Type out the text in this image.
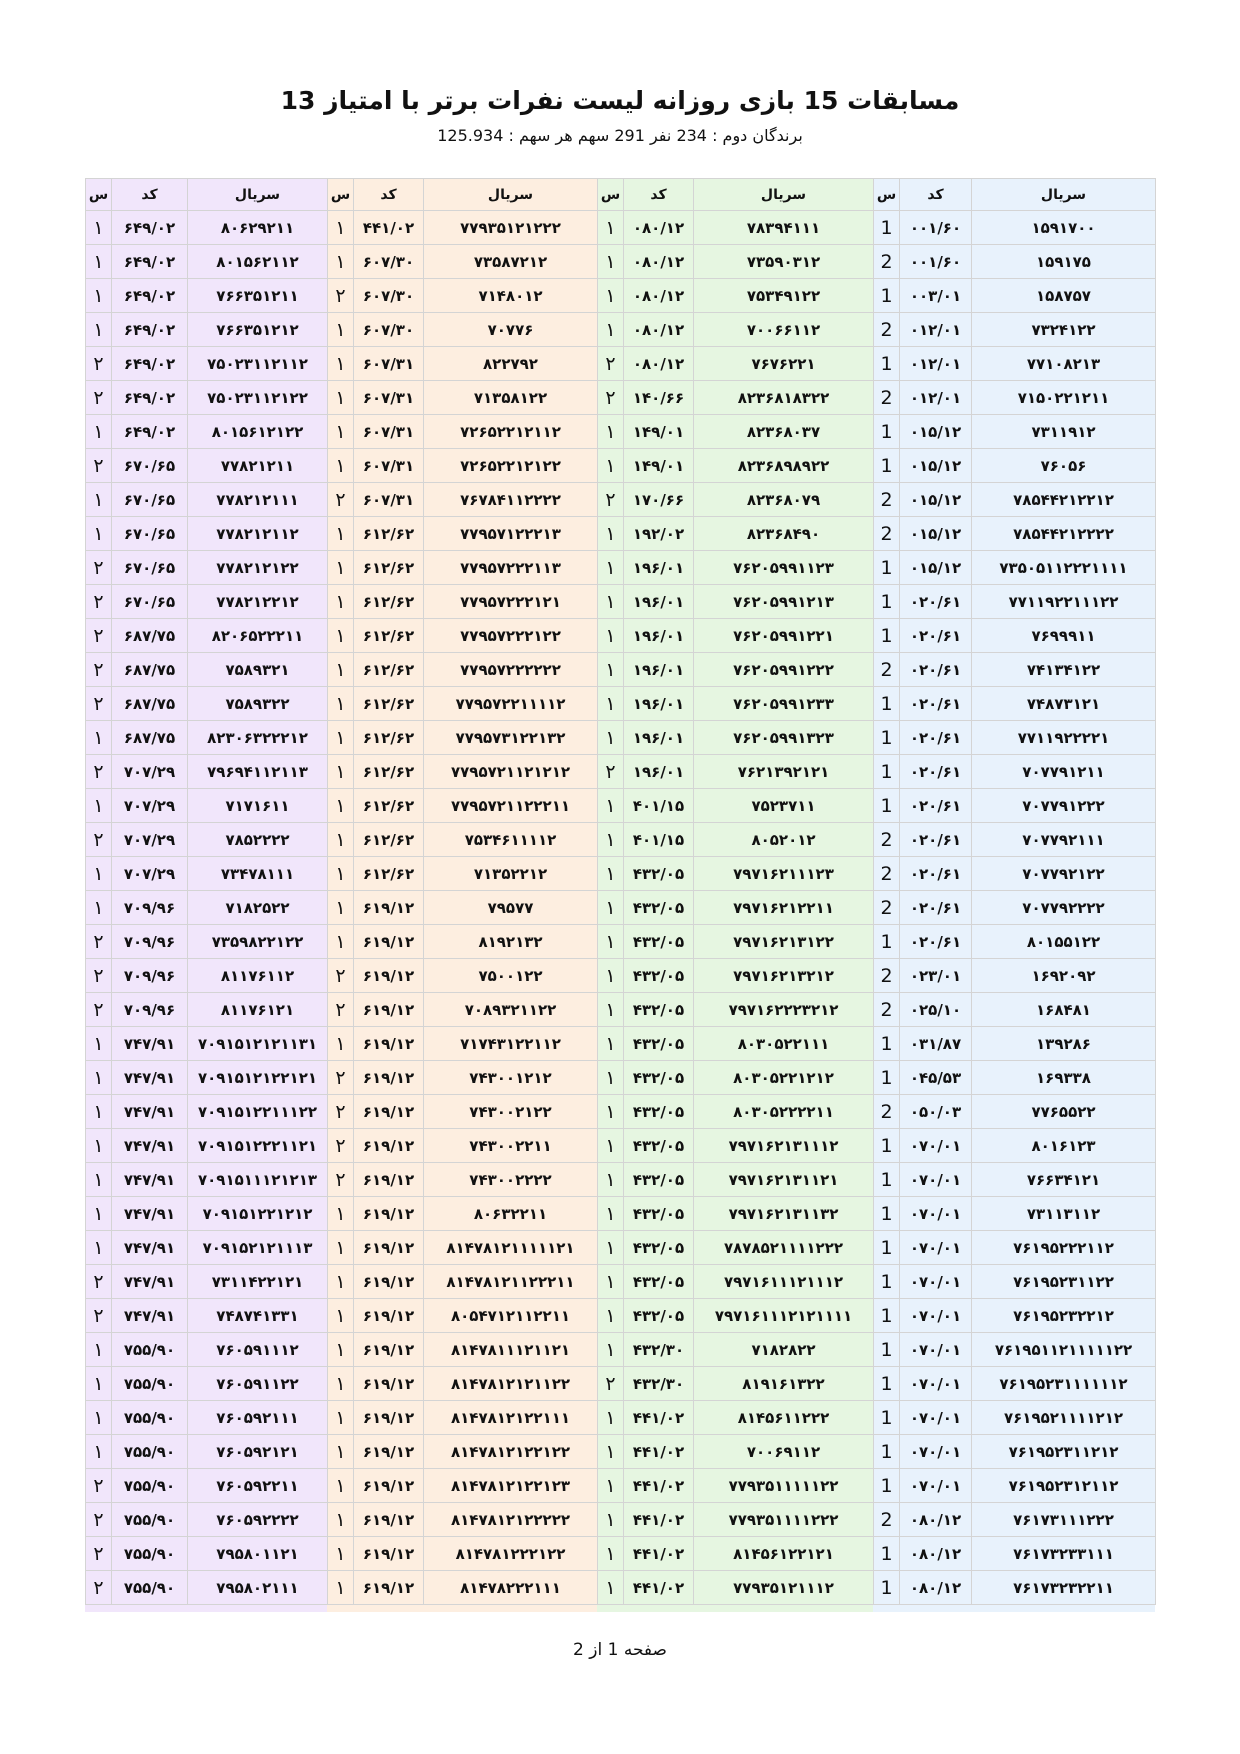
مسابقات 15 بازی روزانه لیست نفرات برتر با امتیاز 13
برندگان دوم : 234 نفر 291 سهم هر سهم : 125.934
س	کد	سریال
۱	۶۴۹/۰۲	۸۰۶۲۹۲۱۱
۱	۶۴۹/۰۲	۸۰۱۵۶۲۱۱۲
۱	۶۴۹/۰۲	۷۶۶۳۵۱۲۱۱
۱	۶۴۹/۰۲	۷۶۶۳۵۱۲۱۲
۲	۶۴۹/۰۲	۷۵۰۲۳۱۱۲۱۱۲
۲	۶۴۹/۰۲	۷۵۰۲۳۱۱۲۱۲۲
۱	۶۴۹/۰۲	۸۰۱۵۶۱۲۱۲۲
۲	۶۷۰/۶۵	۷۷۸۲۱۲۱۱
۱	۶۷۰/۶۵	۷۷۸۲۱۲۱۱۱
۱	۶۷۰/۶۵	۷۷۸۲۱۲۱۱۲
۲	۶۷۰/۶۵	۷۷۸۲۱۲۱۲۲
۲	۶۷۰/۶۵	۷۷۸۲۱۲۲۱۲
۲	۶۸۷/۷۵	۸۲۰۶۵۲۲۲۱۱
۲	۶۸۷/۷۵	۷۵۸۹۳۲۱
۲	۶۸۷/۷۵	۷۵۸۹۳۲۲
۱	۶۸۷/۷۵	۸۲۳۰۶۳۲۲۲۱۲
۲	۷۰۷/۲۹	۷۹۶۹۴۱۱۲۱۱۳
۱	۷۰۷/۲۹	۷۱۷۱۶۱۱
۲	۷۰۷/۲۹	۷۸۵۲۲۲۲
۱	۷۰۷/۲۹	۷۳۴۷۸۱۱۱
۱	۷۰۹/۹۶	۷۱۸۲۵۲۲
۲	۷۰۹/۹۶	۷۳۵۹۸۲۲۱۲۲
۲	۷۰۹/۹۶	۸۱۱۷۶۱۱۲
۲	۷۰۹/۹۶	۸۱۱۷۶۱۲۱
۱	۷۴۷/۹۱	۷۰۹۱۵۱۲۱۲۱۱۳۱
۱	۷۴۷/۹۱	۷۰۹۱۵۱۲۱۲۲۱۲۱
۱	۷۴۷/۹۱	۷۰۹۱۵۱۲۲۱۱۱۲۲
۱	۷۴۷/۹۱	۷۰۹۱۵۱۲۲۲۱۱۲۱
۱	۷۴۷/۹۱	۷۰۹۱۵۱۱۱۲۱۲۱۳
۱	۷۴۷/۹۱	۷۰۹۱۵۱۲۲۱۲۱۲
۱	۷۴۷/۹۱	۷۰۹۱۵۲۱۲۱۱۱۳
۲	۷۴۷/۹۱	۷۳۱۱۴۲۲۱۲۱
۲	۷۴۷/۹۱	۷۴۸۷۴۱۳۳۱
۱	۷۵۵/۹۰	۷۶۰۵۹۱۱۱۲
۱	۷۵۵/۹۰	۷۶۰۵۹۱۱۲۲
۱	۷۵۵/۹۰	۷۶۰۵۹۲۱۱۱
۱	۷۵۵/۹۰	۷۶۰۵۹۲۱۲۱
۲	۷۵۵/۹۰	۷۶۰۵۹۲۲۱۱
۲	۷۵۵/۹۰	۷۶۰۵۹۲۲۲۲
۲	۷۵۵/۹۰	۷۹۵۸۰۱۱۲۱
۲	۷۵۵/۹۰	۷۹۵۸۰۲۱۱۱
س	کد	سریال
۱	۴۴۱/۰۲	۷۷۹۳۵۱۲۱۲۲۲
۱	۶۰۷/۳۰	۷۳۵۸۷۲۱۲
۲	۶۰۷/۳۰	۷۱۴۸۰۱۲
۱	۶۰۷/۳۰	۷۰۷۷۶
۱	۶۰۷/۳۱	۸۲۲۷۹۲
۱	۶۰۷/۳۱	۷۱۳۵۸۱۲۲
۱	۶۰۷/۳۱	۷۲۶۵۲۲۱۲۱۱۲
۱	۶۰۷/۳۱	۷۲۶۵۲۲۱۲۱۲۲
۲	۶۰۷/۳۱	۷۶۷۸۴۱۱۲۲۲۲
۱	۶۱۲/۶۲	۷۷۹۵۷۱۲۲۲۱۳
۱	۶۱۲/۶۲	۷۷۹۵۷۲۲۲۱۱۳
۱	۶۱۲/۶۲	۷۷۹۵۷۲۲۲۱۲۱
۱	۶۱۲/۶۲	۷۷۹۵۷۲۲۲۱۲۲
۱	۶۱۲/۶۲	۷۷۹۵۷۲۲۲۲۲۲
۱	۶۱۲/۶۲	۷۷۹۵۷۲۲۱۱۱۱۲
۱	۶۱۲/۶۲	۷۷۹۵۷۳۱۲۲۱۳۲
۱	۶۱۲/۶۲	۷۷۹۵۷۲۱۱۲۱۲۱۲
۱	۶۱۲/۶۲	۷۷۹۵۷۲۱۱۲۲۲۱۱
۱	۶۱۲/۶۲	۷۵۳۴۶۱۱۱۱۲
۱	۶۱۲/۶۲	۷۱۳۵۲۲۱۲
۱	۶۱۹/۱۲	۷۹۵۷۷
۱	۶۱۹/۱۲	۸۱۹۲۱۳۲
۲	۶۱۹/۱۲	۷۵۰۰۱۲۲
۲	۶۱۹/۱۲	۷۰۸۹۳۲۱۱۲۲
۱	۶۱۹/۱۲	۷۱۷۴۳۱۲۲۱۱۲
۲	۶۱۹/۱۲	۷۴۳۰۰۱۲۱۲
۲	۶۱۹/۱۲	۷۴۳۰۰۲۱۲۲
۲	۶۱۹/۱۲	۷۴۳۰۰۲۲۱۱
۲	۶۱۹/۱۲	۷۴۳۰۰۲۲۲۲
۱	۶۱۹/۱۲	۸۰۶۳۲۲۱۱
۱	۶۱۹/۱۲	۸۱۴۷۸۱۲۱۱۱۱۱۲۱
۱	۶۱۹/۱۲	۸۱۴۷۸۱۲۱۱۲۲۲۱۱
۱	۶۱۹/۱۲	۸۰۵۴۷۱۲۱۱۲۲۱۱
۱	۶۱۹/۱۲	۸۱۴۷۸۱۱۱۲۱۱۲۱
۱	۶۱۹/۱۲	۸۱۴۷۸۱۲۱۲۱۱۲۲
۱	۶۱۹/۱۲	۸۱۴۷۸۱۲۱۲۲۱۱۱
۱	۶۱۹/۱۲	۸۱۴۷۸۱۲۱۲۲۱۲۲
۱	۶۱۹/۱۲	۸۱۴۷۸۱۲۱۲۲۱۲۳
۱	۶۱۹/۱۲	۸۱۴۷۸۱۲۱۲۲۲۲۲
۱	۶۱۹/۱۲	۸۱۴۷۸۱۲۲۲۱۲۲
۱	۶۱۹/۱۲	۸۱۴۷۸۲۲۲۱۱۱
س	کد	سریال
۱	۰۸۰/۱۲	۷۸۳۹۴۱۱۱
۱	۰۸۰/۱۲	۷۳۵۹۰۳۱۲
۱	۰۸۰/۱۲	۷۵۳۴۹۱۲۲
۱	۰۸۰/۱۲	۷۰۰۶۶۱۱۲
۲	۰۸۰/۱۲	۷۶۷۶۲۲۱
۲	۱۴۰/۶۶	۸۲۳۶۸۱۸۳۲۲
۱	۱۴۹/۰۱	۸۲۳۶۸۰۳۷
۱	۱۴۹/۰۱	۸۲۳۶۸۹۸۹۲۲
۲	۱۷۰/۶۶	۸۲۳۶۸۰۷۹
۱	۱۹۲/۰۲	۸۲۳۶۸۴۹۰
۱	۱۹۶/۰۱	۷۶۲۰۵۹۹۱۱۲۳
۱	۱۹۶/۰۱	۷۶۲۰۵۹۹۱۲۱۳
۱	۱۹۶/۰۱	۷۶۲۰۵۹۹۱۲۲۱
۱	۱۹۶/۰۱	۷۶۲۰۵۹۹۱۲۲۲
۱	۱۹۶/۰۱	۷۶۲۰۵۹۹۱۲۳۳
۱	۱۹۶/۰۱	۷۶۲۰۵۹۹۱۳۲۳
۲	۱۹۶/۰۱	۷۶۲۱۳۹۲۱۲۱
۱	۴۰۱/۱۵	۷۵۲۳۷۱۱
۱	۴۰۱/۱۵	۸۰۵۲۰۱۲
۱	۴۳۲/۰۵	۷۹۷۱۶۲۱۱۱۲۳
۱	۴۳۲/۰۵	۷۹۷۱۶۲۱۲۲۱۱
۱	۴۳۲/۰۵	۷۹۷۱۶۲۱۳۱۲۲
۱	۴۳۲/۰۵	۷۹۷۱۶۲۱۳۲۱۲
۱	۴۳۲/۰۵	۷۹۷۱۶۲۲۲۳۲۱۲
۱	۴۳۲/۰۵	۸۰۳۰۵۲۲۱۱۱
۱	۴۳۲/۰۵	۸۰۳۰۵۲۲۱۲۱۲
۱	۴۳۲/۰۵	۸۰۳۰۵۲۲۲۲۱۱
۱	۴۳۲/۰۵	۷۹۷۱۶۲۱۳۱۱۱۲
۱	۴۳۲/۰۵	۷۹۷۱۶۲۱۳۱۱۲۱
۱	۴۳۲/۰۵	۷۹۷۱۶۲۱۳۱۱۳۲
۱	۴۳۲/۰۵	۷۸۷۸۵۲۱۱۱۱۲۲۲
۱	۴۳۲/۰۵	۷۹۷۱۶۱۱۱۲۱۱۱۲
۱	۴۳۲/۰۵	۷۹۷۱۶۱۱۱۲۱۲۱۱۱۱
۱	۴۳۲/۳۰	۷۱۸۲۸۲۲
۲	۴۳۲/۳۰	۸۱۹۱۶۱۳۲۲
۱	۴۴۱/۰۲	۸۱۴۵۶۱۱۲۲۲
۱	۴۴۱/۰۲	۷۰۰۶۹۱۱۲
۱	۴۴۱/۰۲	۷۷۹۳۵۱۱۱۱۱۲۲
۱	۴۴۱/۰۲	۷۷۹۳۵۱۱۱۱۲۲۲
۱	۴۴۱/۰۲	۸۱۴۵۶۱۲۲۱۲۱
۱	۴۴۱/۰۲	۷۷۹۳۵۱۲۱۱۱۲
س	کد	سریال
1	۰۰۱/۶۰	۱۵۹۱۷۰۰
2	۰۰۱/۶۰	۱۵۹۱۷۵
1	۰۰۳/۰۱	۱۵۸۷۵۷
2	۰۱۲/۰۱	۷۳۲۴۱۲۲
1	۰۱۲/۰۱	۷۷۱۰۸۲۱۳
2	۰۱۲/۰۱	۷۱۵۰۲۲۱۲۱۱
1	۰۱۵/۱۲	۷۳۱۱۹۱۲
1	۰۱۵/۱۲	۷۶۰۵۶
2	۰۱۵/۱۲	۷۸۵۴۴۲۱۲۲۱۲
2	۰۱۵/۱۲	۷۸۵۴۴۲۱۲۲۲۲
1	۰۱۵/۱۲	۷۳۵۰۵۱۱۲۲۲۱۱۱۱
1	۰۲۰/۶۱	۷۷۱۱۹۲۲۱۱۱۲۲
1	۰۲۰/۶۱	۷۶۹۹۹۱۱
2	۰۲۰/۶۱	۷۴۱۳۴۱۲۲
1	۰۲۰/۶۱	۷۴۸۷۳۱۲۱
1	۰۲۰/۶۱	۷۷۱۱۹۲۲۲۲۱
1	۰۲۰/۶۱	۷۰۷۷۹۱۲۱۱
1	۰۲۰/۶۱	۷۰۷۷۹۱۲۲۲
2	۰۲۰/۶۱	۷۰۷۷۹۲۱۱۱
2	۰۲۰/۶۱	۷۰۷۷۹۲۱۲۲
2	۰۲۰/۶۱	۷۰۷۷۹۲۲۲۲
1	۰۲۰/۶۱	۸۰۱۵۵۱۲۲
2	۰۲۳/۰۱	۱۶۹۲۰۹۲
2	۰۲۵/۱۰	۱۶۸۴۸۱
1	۰۳۱/۸۷	۱۳۹۲۸۶
1	۰۴۵/۵۳	۱۶۹۳۳۸
2	۰۵۰/۰۳	۷۷۶۵۵۲۲
1	۰۷۰/۰۱	۸۰۱۶۱۲۳
1	۰۷۰/۰۱	۷۶۶۳۴۱۲۱
1	۰۷۰/۰۱	۷۳۱۱۳۱۱۲
1	۰۷۰/۰۱	۷۶۱۹۵۲۲۲۱۱۲
1	۰۷۰/۰۱	۷۶۱۹۵۲۳۱۱۲۲
1	۰۷۰/۰۱	۷۶۱۹۵۲۳۲۲۱۲
1	۰۷۰/۰۱	۷۶۱۹۵۱۱۲۱۱۱۱۱۲۲
1	۰۷۰/۰۱	۷۶۱۹۵۲۳۱۱۱۱۱۱۲
1	۰۷۰/۰۱	۷۶۱۹۵۲۱۱۱۱۲۱۲
1	۰۷۰/۰۱	۷۶۱۹۵۲۳۱۱۲۱۲
1	۰۷۰/۰۱	۷۶۱۹۵۲۳۱۲۱۱۲
2	۰۸۰/۱۲	۷۶۱۷۳۱۱۱۲۲۲
1	۰۸۰/۱۲	۷۶۱۷۳۲۳۳۱۱۱
1	۰۸۰/۱۲	۷۶۱۷۳۲۳۲۲۱۱
صفحه 1 از 2
